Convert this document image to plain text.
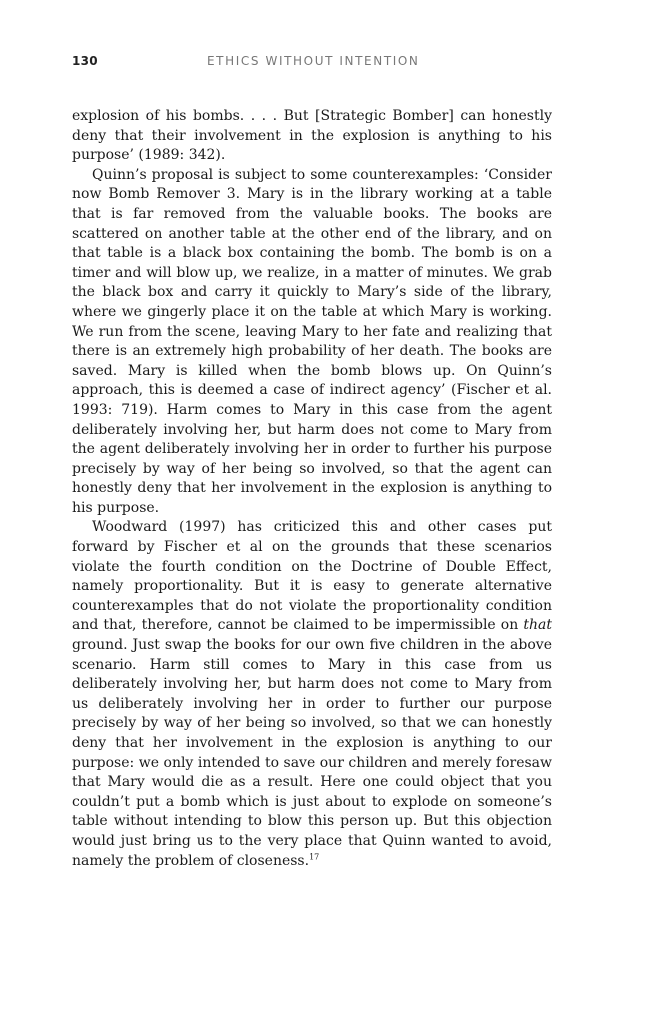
130	ETHICS WITHOUT INTENTION

explosion of his bombs. . . . But [Strategic Bomber] can honestly deny that their involvement in the explosion is anything to his purpose’ (1989: 342).

Quinn’s proposal is subject to some counterexamples: ‘Consider now Bomb Remover 3. Mary is in the library working at a table that is far removed from the valuable books. The books are scattered on another table at the other end of the library, and on that table is a black box containing the bomb. The bomb is on a timer and will blow up, we realize, in a matter of minutes. We grab the black box and carry it quickly to Mary’s side of the library, where we gingerly place it on the table at which Mary is working. We run from the scene, leaving Mary to her fate and realizing that there is an extremely high probability of her death. The books are saved. Mary is killed when the bomb blows up. On Quinn’s approach, this is deemed a case of indirect agency’ (Fischer et al. 1993: 719). Harm comes to Mary in this case from the agent deliberately involving her, but harm does not come to Mary from the agent deliberately involving her in order to further his purpose precisely by way of her being so involved, so that the agent can honestly deny that her involvement in the explosion is anything to his purpose.

Woodward (1997) has criticized this and other cases put forward by Fischer et al on the grounds that these scenarios violate the fourth condition on the Doctrine of Double Effect, namely proportionality. But it is easy to generate alternative counterexamples that do not violate the proportionality condition and that, therefore, cannot be claimed to be impermissible on that ground. Just swap the books for our own five children in the above scenario. Harm still comes to Mary in this case from us deliberately involving her, but harm does not come to Mary from us deliberately involving her in order to further our purpose precisely by way of her being so involved, so that we can honestly deny that her involvement in the explosion is anything to our purpose: we only intended to save our children and merely foresaw that Mary would die as a result. Here one could object that you couldn’t put a bomb which is just about to explode on someone’s table without intending to blow this person up. But this objection would just bring us to the very place that Quinn wanted to avoid, namely the problem of closeness.$^{17}$
